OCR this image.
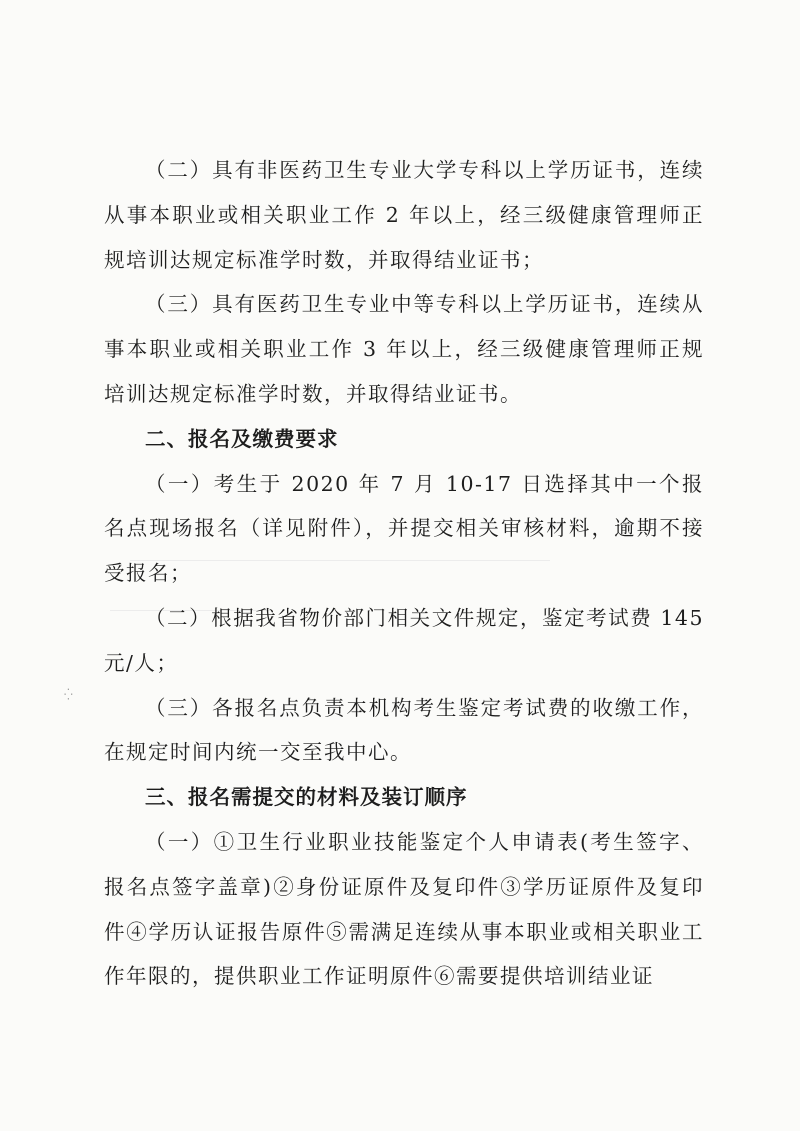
⁛

（二）具有非医药卫生专业大学专科以上学历证书，连续从事本职业或相关职业工作 2 年以上，经三级健康管理师正规培训达规定标准学时数，并取得结业证书；

（三）具有医药卫生专业中等专科以上学历证书，连续从事本职业或相关职业工作 3 年以上，经三级健康管理师正规培训达规定标准学时数，并取得结业证书。

二、报名及缴费要求

（一）考生于 2020 年 7 月 10-17 日选择其中一个报名点现场报名（详见附件），并提交相关审核材料，逾期不接受报名；

（二）根据我省物价部门相关文件规定，鉴定考试费 145 元/人；

（三）各报名点负责本机构考生鉴定考试费的收缴工作，在规定时间内统一交至我中心。

三、报名需提交的材料及装订顺序

（一）①卫生行业职业技能鉴定个人申请表(考生签字、报名点签字盖章)②身份证原件及复印件③学历证原件及复印件④学历认证报告原件⑤需满足连续从事本职业或相关职业工作年限的，提供职业工作证明原件⑥需要提供培训结业证
